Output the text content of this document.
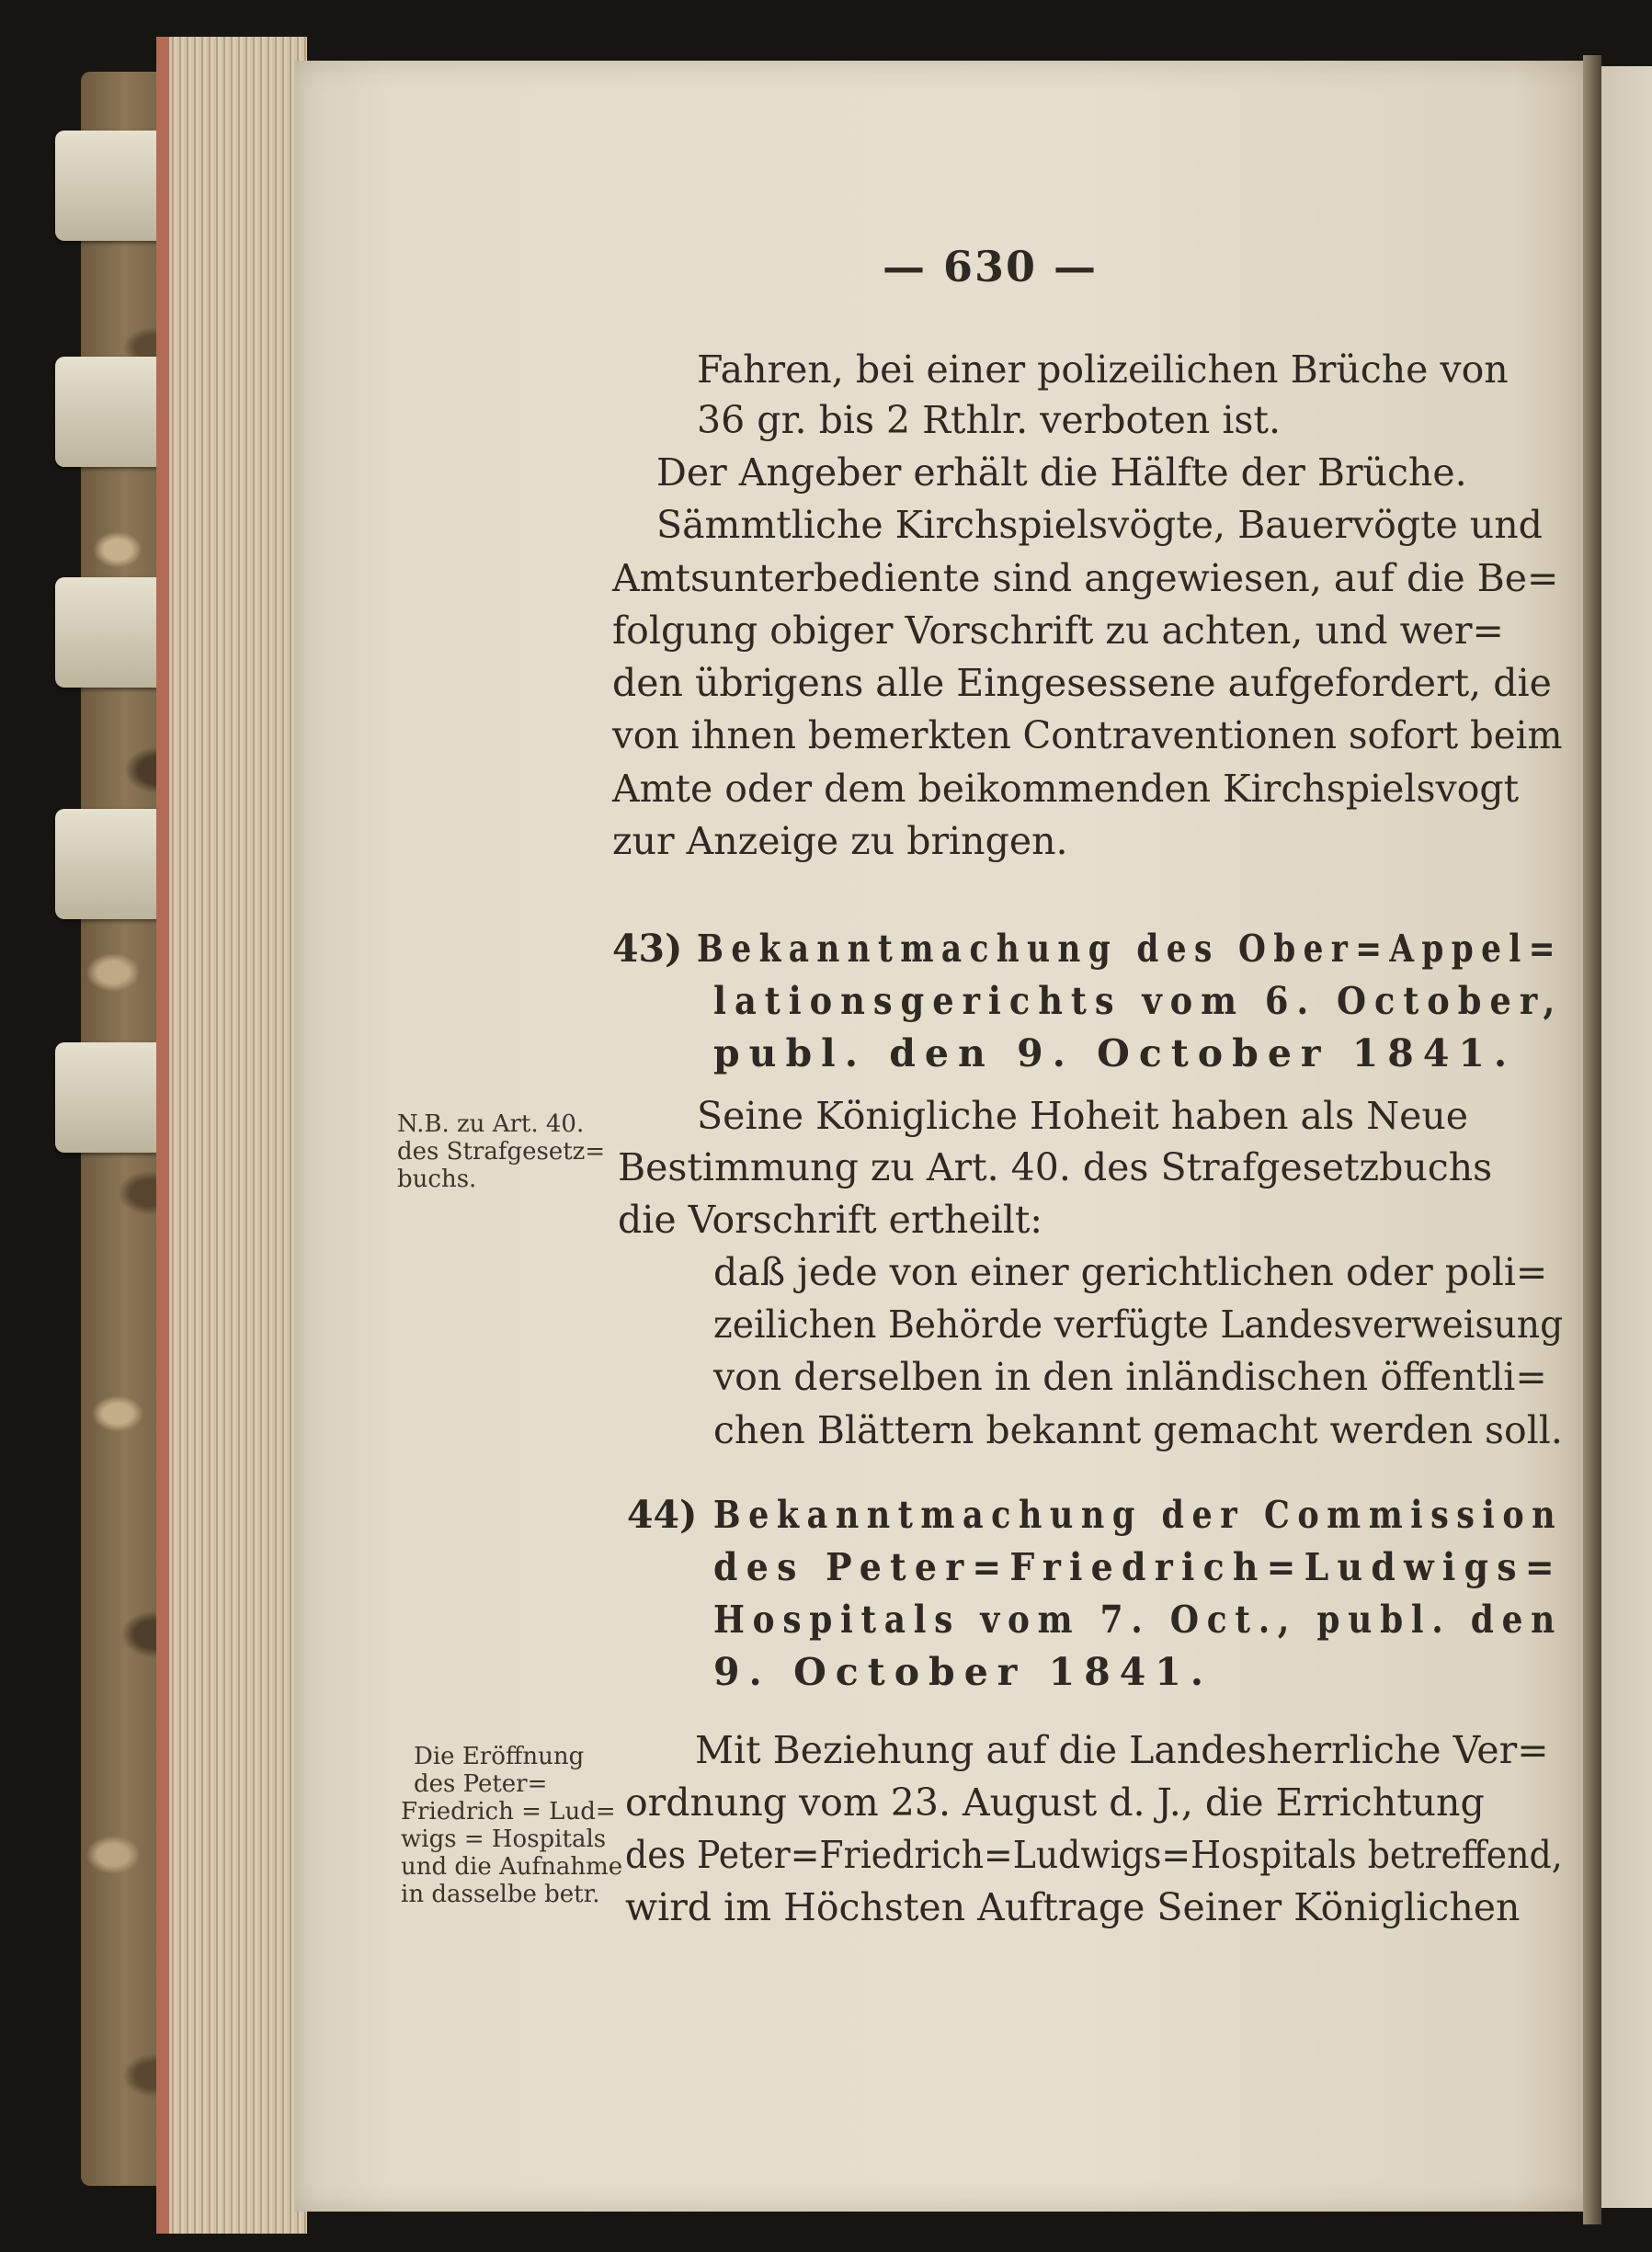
— 630 —
Fahren, bei einer polizeilichen Brüche von
36 gr. bis 2 Rthlr. verboten ist.
Der Angeber erhält die Hälfte der Brüche.
Sämmtliche Kirchspielsvögte, Bauervögte und
Amtsunterbediente sind angewiesen, auf die Be=
folgung obiger Vorschrift zu achten, und wer=
den übrigens alle Eingesessene aufgefordert, die
von ihnen bemerkten Contraventionen sofort beim
Amte oder dem beikommenden Kirchspielsvogt
zur Anzeige zu bringen.
43) Bekanntmachung des Ober=Appel=
lationsgerichts vom 6. October,
publ. den 9. October 1841.
N.B. zu Art. 40.
des Strafgesetz=
buchs.
Seine Königliche Hoheit haben als Neue
Bestimmung zu Art. 40. des Strafgesetzbuchs
die Vorschrift ertheilt:
daß jede von einer gerichtlichen oder poli=
zeilichen Behörde verfügte Landesverweisung
von derselben in den inländischen öffentli=
chen Blättern bekannt gemacht werden soll.
44) Bekanntmachung der Commission
des Peter=Friedrich=Ludwigs=
Hospitals vom 7. Oct., publ. den
9. October 1841.
Die Eröffnung
des Peter=
Friedrich = Lud=
wigs = Hospitals
und die Aufnahme
in dasselbe betr.
Mit Beziehung auf die Landesherrliche Ver=
ordnung vom 23. August d. J., die Errichtung
des Peter=Friedrich=Ludwigs=Hospitals betreffend,
wird im Höchsten Auftrage Seiner Königlichen
